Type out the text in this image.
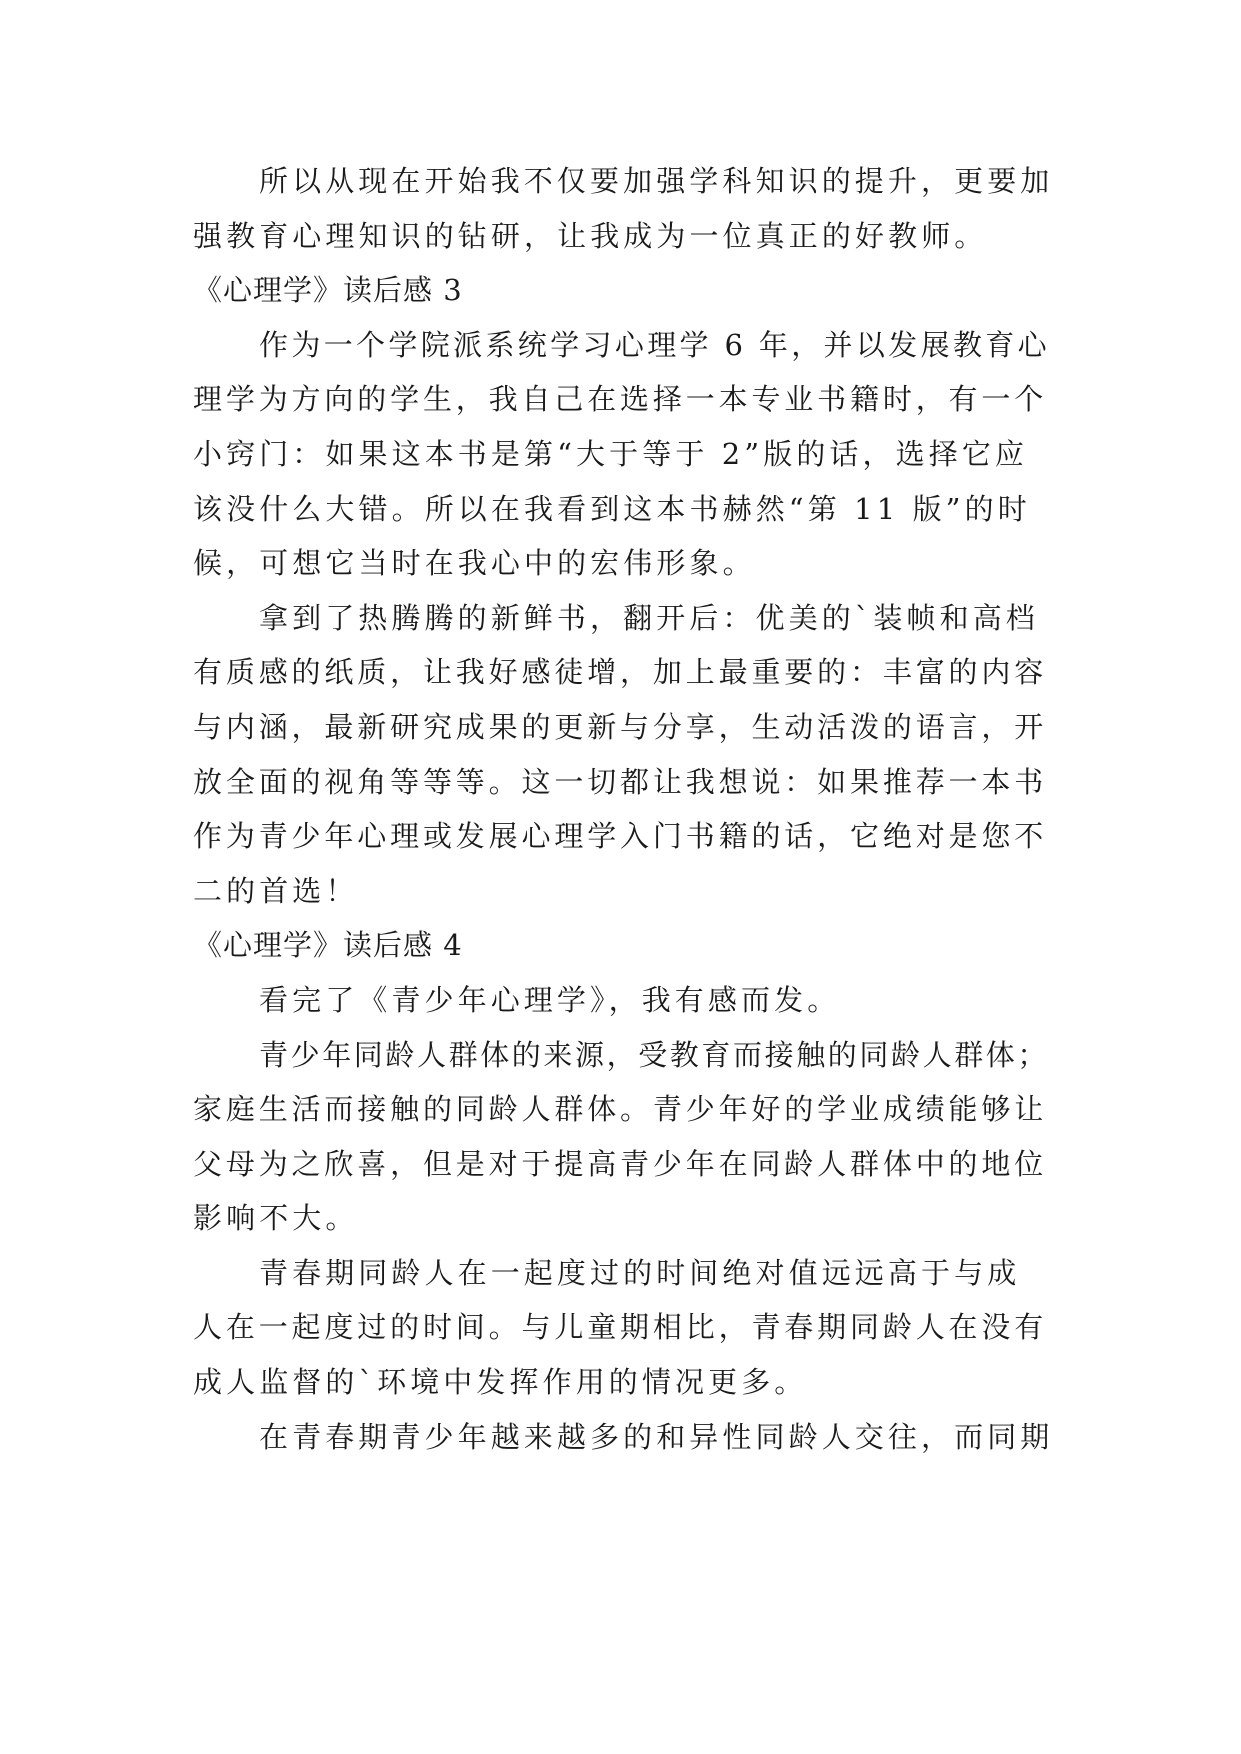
所以从现在开始我不仅要加强学科知识的提升，更要加
强教育心理知识的钻研，让我成为一位真正的好教师。
《心理学》读后感 3
作为一个学院派系统学习心理学 6 年，并以发展教育心
理学为方向的学生，我自己在选择一本专业书籍时，有一个
小窍门：如果这本书是第“大于等于 2”版的话，选择它应
该没什么大错。所以在我看到这本书赫然“第 11 版”的时
候，可想它当时在我心中的宏伟形象。
拿到了热腾腾的新鲜书，翻开后：优美的`装帧和高档
有质感的纸质，让我好感徒增，加上最重要的：丰富的内容
与内涵，最新研究成果的更新与分享，生动活泼的语言，开
放全面的视角等等等。这一切都让我想说：如果推荐一本书
作为青少年心理或发展心理学入门书籍的话，它绝对是您不
二的首选！
《心理学》读后感 4
看完了《青少年心理学》，我有感而发。
青少年同龄人群体的来源，受教育而接触的同龄人群体；
家庭生活而接触的同龄人群体。青少年好的学业成绩能够让
父母为之欣喜，但是对于提高青少年在同龄人群体中的地位
影响不大。
青春期同龄人在一起度过的时间绝对值远远高于与成
人在一起度过的时间。与儿童期相比，青春期同龄人在没有
成人监督的`环境中发挥作用的情况更多。
在青春期青少年越来越多的和异性同龄人交往，而同期
